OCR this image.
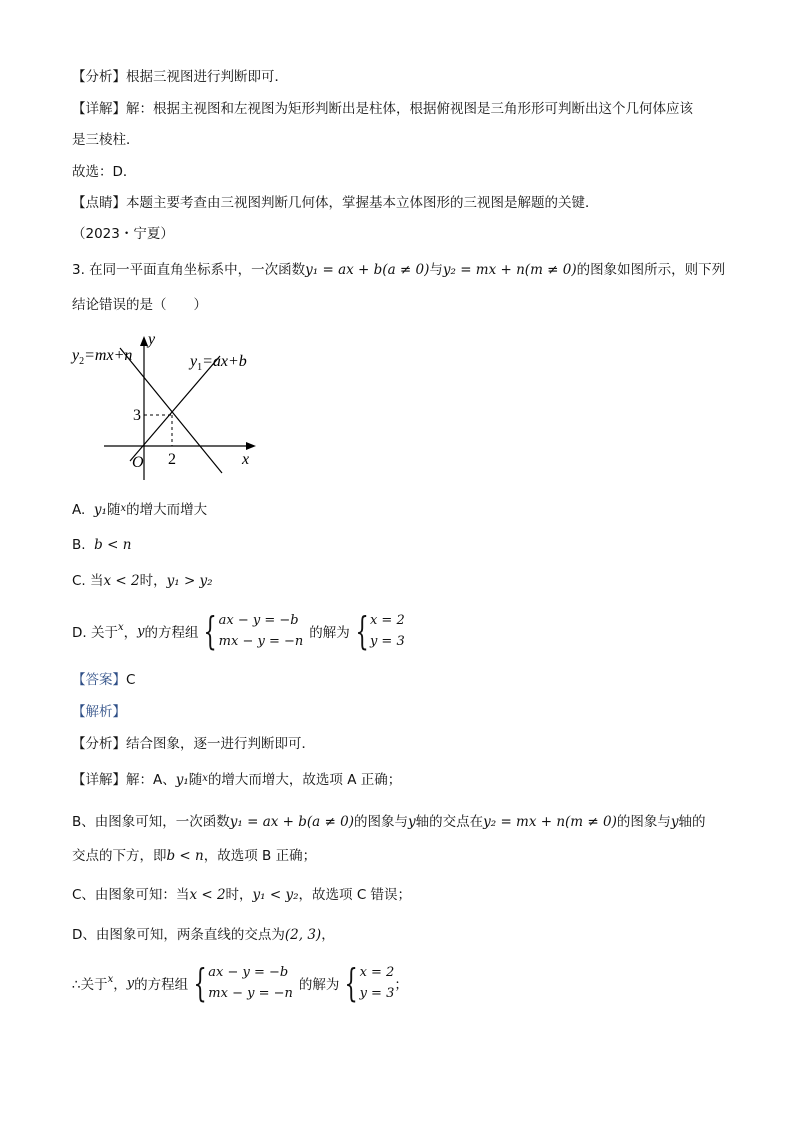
【分析】根据三视图进行判断即可．
【详解】解：根据主视图和左视图为矩形判断出是柱体，根据俯视图是三角形形可判断出这个几何体应该
是三棱柱．
故选：D．
【点睛】本题主要考查由三视图判断几何体，掌握基本立体图形的三视图是解题的关键．
（2023・宁夏）
3. 在同一平面直角坐标系中，一次函数y₁ = ax + b(a ≠ 0)与y₂ = mx + n(m ≠ 0)的图象如图所示，则下列
结论错误的是（　　）
$y_2=mx+n$	$y_1=ax+b$
y
x
O
3
2
A. y₁随$^x$的增大而增大
B. b < n
C. 当x < 2时，y₁ > y₂
D. 关于 x ， y 的方程组 { ax − y = −b
mx − y = −n
的解为 { x = 2
y = 3
【答案】C
【解析】
【分析】结合图象，逐一进行判断即可．
【详解】解：A、y₁随$^x$的增大而增大，故选项 A 正确；
B、由图象可知，一次函数y₁ = ax + b(a ≠ 0)的图象与y轴的交点在y₂ = mx + n(m ≠ 0)的图象与y轴的
交点的下方，即b < n，故选项 B 正确；
C、由图象可知：当x < 2时，y₁ < y₂，故选项 C 错误；
D、由图象可知，两条直线的交点为(2, 3)，
∴关于 x ， y 的方程组 { ax − y = −b
mx − y = −n
的解为 { x = 2
y = 3
；
